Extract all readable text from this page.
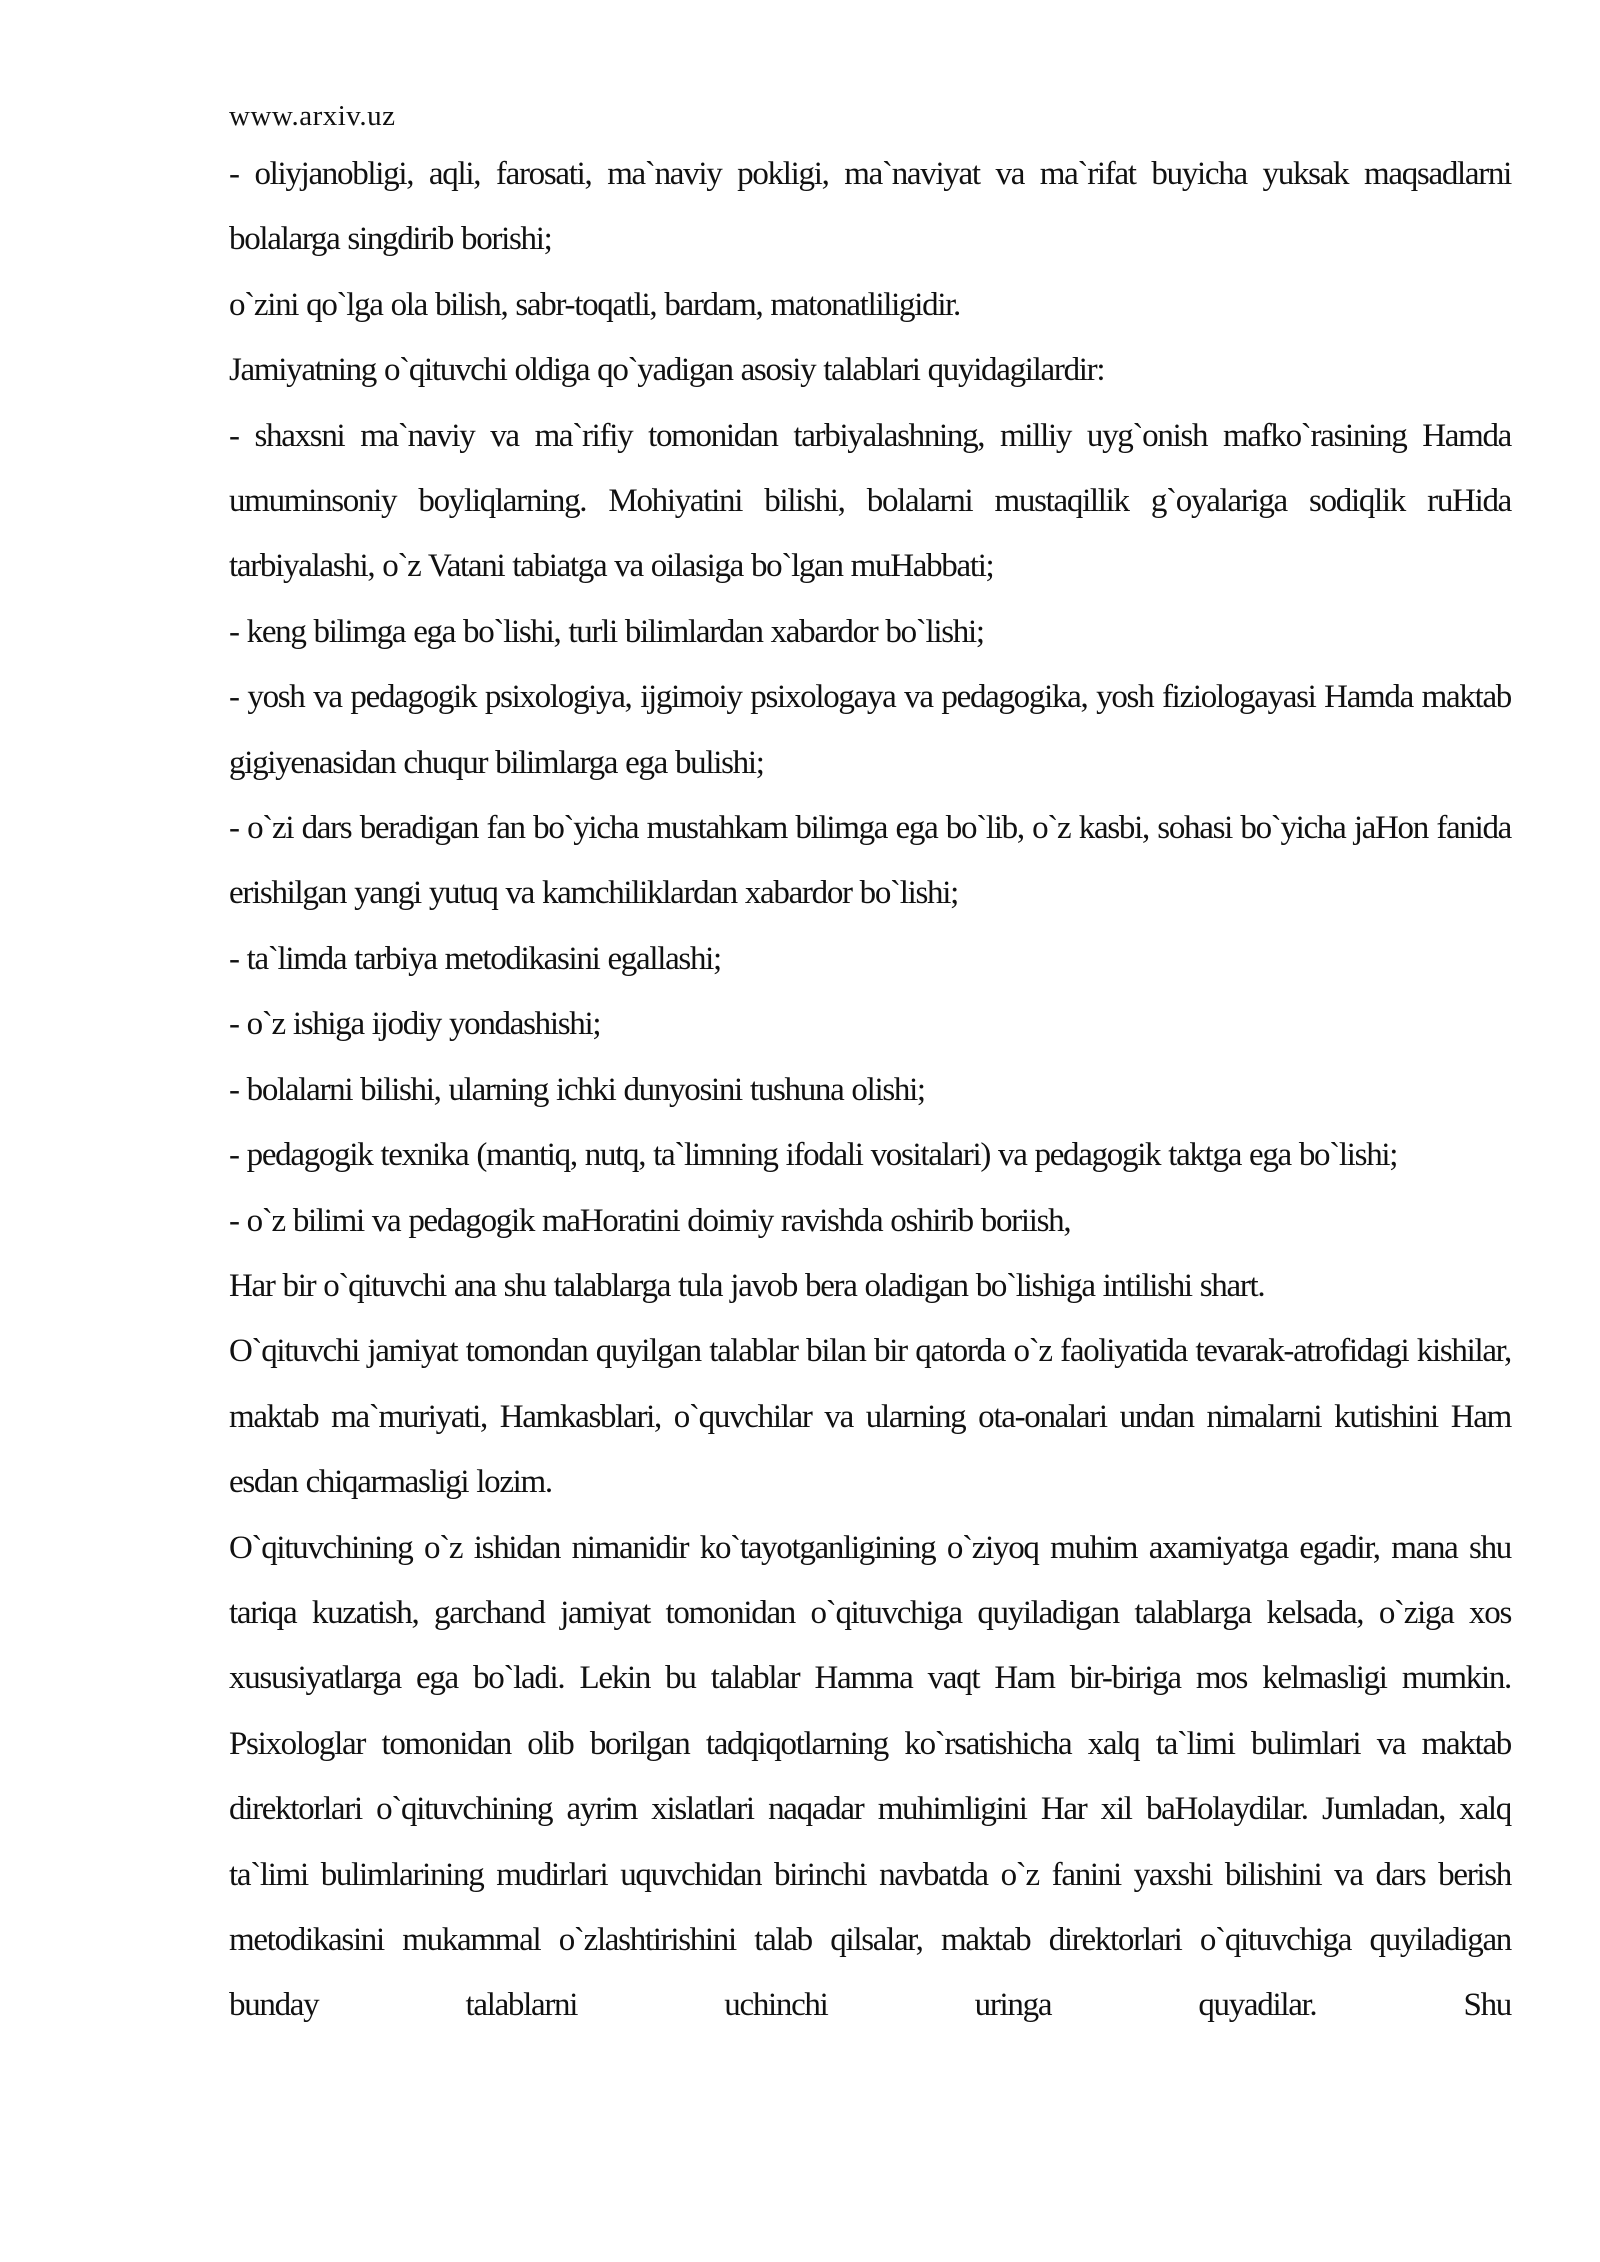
www.arxiv.uz

- oliyjanobligi, aqli, farosati, ma`naviy pokligi, ma`naviyat va ma`rifat buyicha yuksak maqsadlarni bolalarga singdirib borishi;

o`zini qo`lga ola bilish, sabr-toqatli, bardam, matonatliligidir.

Jamiyatning o`qituvchi oldiga qo`yadigan asosiy talablari quyidagilardir:

- shaxsni ma`naviy va ma`rifiy tomonidan tarbiyalashning, milliy uyg`onish mafko`rasining Hamda umuminsoniy boyliqlarning. Mohiyatini bilishi, bolalarni mustaqillik g`oyalariga sodiqlik ruHida tarbiyalashi, o`z Vatani tabiatga va oilasiga bo`lgan muHabbati;

- keng bilimga ega bo`lishi, turli bilimlardan xabardor bo`lishi;

- yosh va pedagogik psixologiya, ijgimoiy psixologaya va pedagogika, yosh fiziologayasi Hamda maktab gigiyenasidan chuqur bilimlarga ega bulishi;

- o`zi dars beradigan fan bo`yicha mustahkam bilimga ega bo`lib, o`z kasbi, sohasi bo`yicha jaHon fanida erishilgan yangi yutuq va kamchiliklardan xabardor bo`lishi;

- ta`limda tarbiya metodikasini egallashi;

- o`z ishiga ijodiy yondashishi;

- bolalarni bilishi, ularning ichki dunyosini tushuna olishi;

- pedagogik texnika (mantiq, nutq, ta`limning ifodali vositalari) va pedagogik taktga ega bo`lishi;

- o`z bilimi va pedagogik maHoratini doimiy ravishda oshirib boriish,

Har bir o`qituvchi ana shu talablarga tula javob bera oladigan bo`lishiga intilishi shart.

O`qituvchi jamiyat tomondan quyilgan talablar bilan bir qatorda o`z faoliyatida tevarak-atrofidagi kishilar, maktab ma`muriyati, Hamkasblari, o`quvchilar va ularning ota-onalari undan nimalarni kutishini Ham esdan chiqarmasligi lozim.

O`qituvchining o`z ishidan nimanidir ko`tayotganligining o`ziyoq muhim axamiyatga egadir, mana shu tariqa kuzatish, garchand jamiyat tomonidan o`qituvchiga quyiladigan talablarga kelsada, o`ziga xos xususiyatlarga ega bo`ladi. Lekin bu talablar Hamma vaqt Ham bir-biriga mos kelmasligi mumkin. Psixologlar tomonidan olib borilgan tadqiqotlarning ko`rsatishicha xalq ta`limi bulimlari va maktab direktorlari o`qituvchining ayrim xislatlari naqadar muhimligini Har xil baHolaydilar. Jumladan, xalq ta`limi bulimlarining mudirlari uquvchidan birinchi navbatda o`z fanini yaxshi bilishini va dars berish metodikasini mukammal o`zlashtirishini talab qilsalar, maktab direktorlari o`qituvchiga quyiladigan bunday talablarni uchinchi uringa quyadilar. Shu
